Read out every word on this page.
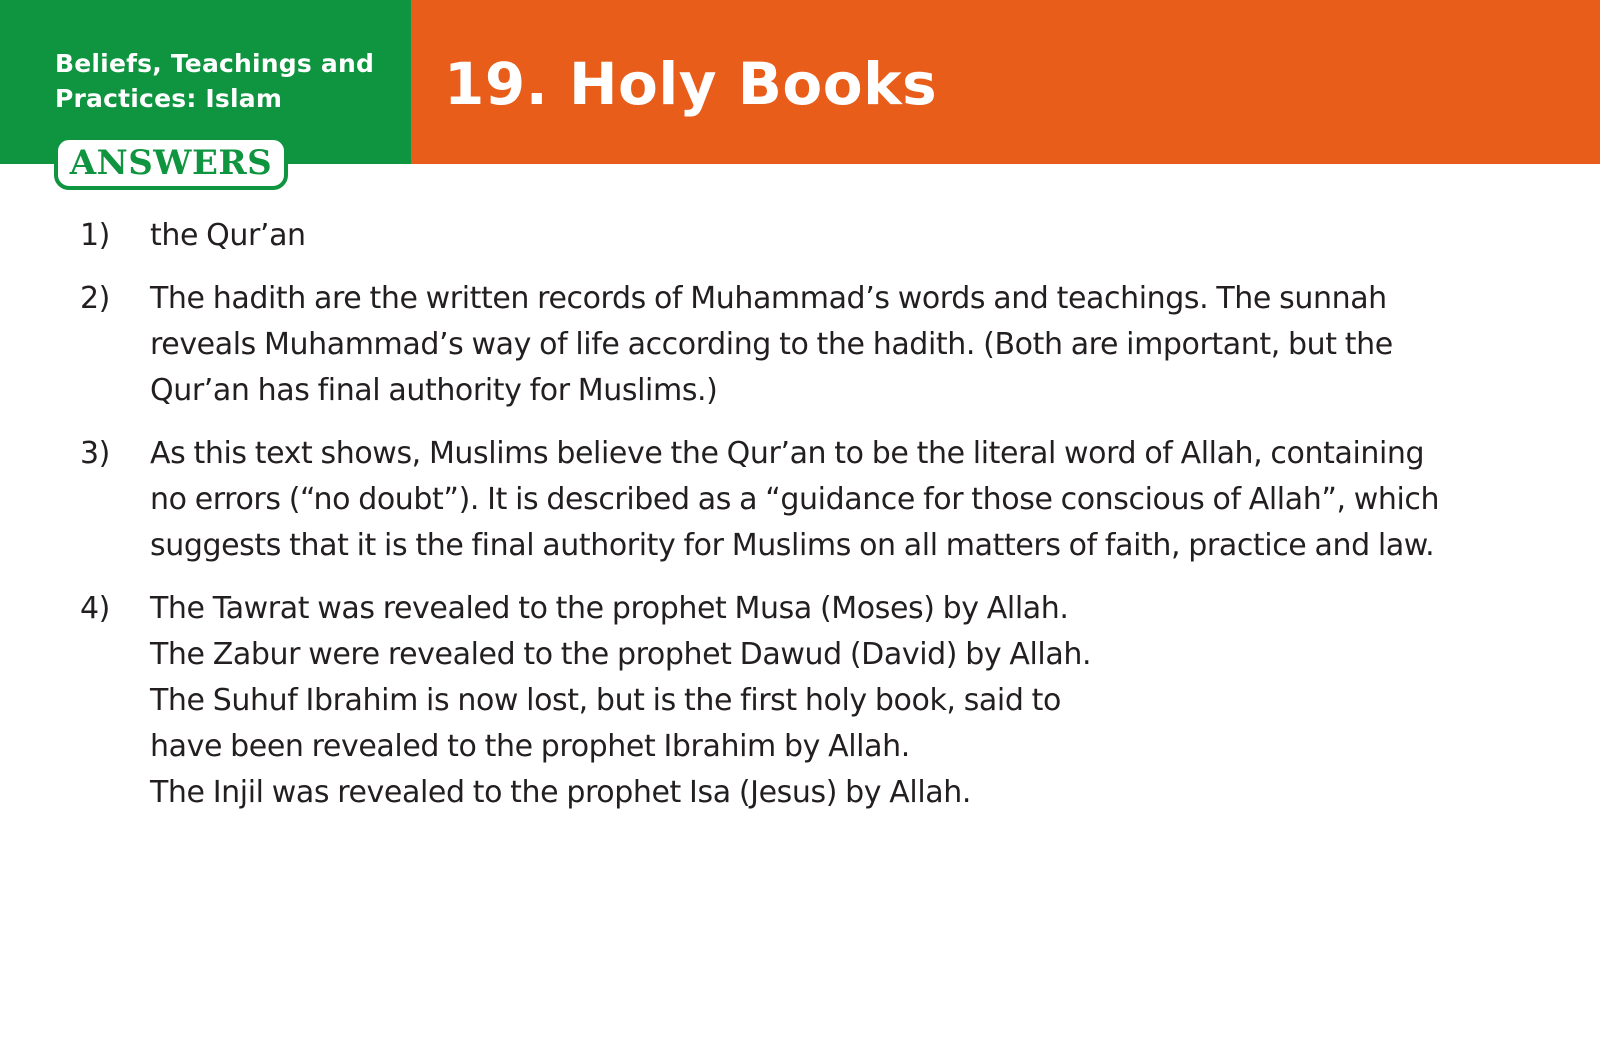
Beliefs, Teachings and
Practices: Islam	19. Holy Books
ANSWERS
1) the Qur’an
2) The hadith are the written records of Muhammad’s words and teachings. The sunnah
reveals Muhammad’s way of life according to the hadith. (Both are important, but the
Qur’an has final authority for Muslims.)
3) As this text shows, Muslims believe the Qur’an to be the literal word of Allah, containing
no errors (“no doubt”). It is described as a “guidance for those conscious of Allah”, which
suggests that it is the final authority for Muslims on all matters of faith, practice and law.
4) The Tawrat was revealed to the prophet Musa (Moses) by Allah.
The Zabur were revealed to the prophet Dawud (David) by Allah.
The Suhuf Ibrahim is now lost, but is the first holy book, said to
have been revealed to the prophet Ibrahim by Allah.
The Injil was revealed to the prophet Isa (Jesus) by Allah.
